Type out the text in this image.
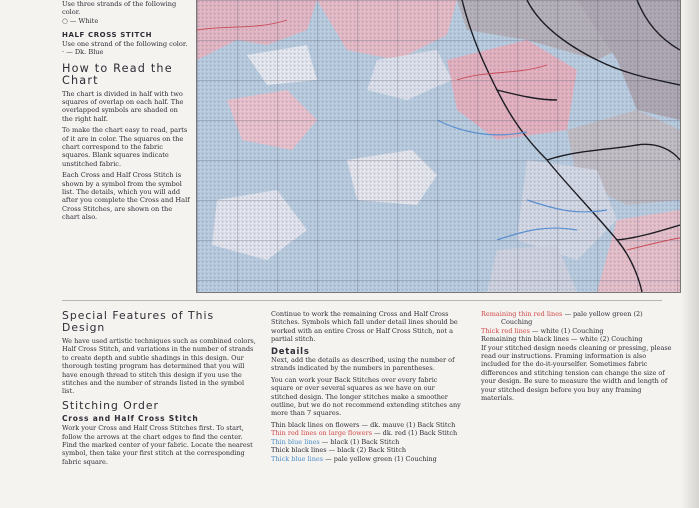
Use three strands of the following color.

○ — White

HALF CROSS STITCH

Use one strand of the following color.

· — Dk. Blue

How to Read the
Chart

The chart is divided in half with two squares of overlap on each half. The overlapped symbols are shaded on the right half.

To make the chart easy to read, parts of it are in color. The squares on the chart correspond to the fabric squares. Blank squares indicate unstitched fabric.

Each Cross and Half Cross Stitch is shown by a symbol from the symbol list. The details, which you will add after you complete the Cross and Half Cross Stitches, are shown on the chart also.

Special Features of This
Design

We have used artistic techniques such as combined colors, Half Cross Stitch, and variations in the number of strands to create depth and subtle shadings in this design. Our thorough testing program has determined that you will have enough thread to stitch this design if you use the stitches and the number of strands listed in the symbol list.

Stitching Order
Cross and Half Cross Stitch

Work your Cross and Half Cross Stitches first. To start, follow the arrows at the chart edges to find the center. Find the marked center of your fabric. Locate the nearest symbol, then take your first stitch at the corresponding fabric square.

Continue to work the remaining Cross and Half Cross Stitches. Symbols which fall under detail lines should be worked with an entire Cross or Half Cross Stitch, not a partial stitch.

Details

Next, add the details as described, using the number of strands indicated by the numbers in parentheses.

You can work your Back Stitches over every fabric square or over several squares as we have on our stitched design. The longer stitches make a smoother outline, but we do not recommend extending stitches any more than 7 squares.

Thin black lines on flowers — dk. mauve (1) Back Stitch

Thin red lines on large flowers — dk. red (1) Back Stitch

Thin blue lines — black (1) Back Stitch

Thick black lines — black (2) Back Stitch

Thick blue lines — pale yellow green (1) Couching

Remaining thin red lines — pale yellow green (2)

Couching

Thick red lines — white (1) Couching

Remaining thin black lines — white (2) Couching

If your stitched design needs cleaning or pressing, please read our instructions. Framing information is also included for the do-it-yourselfer. Sometimes fabric differences and stitching tension can change the size of your design. Be sure to measure the width and length of your stitched design before you buy any framing materials.
